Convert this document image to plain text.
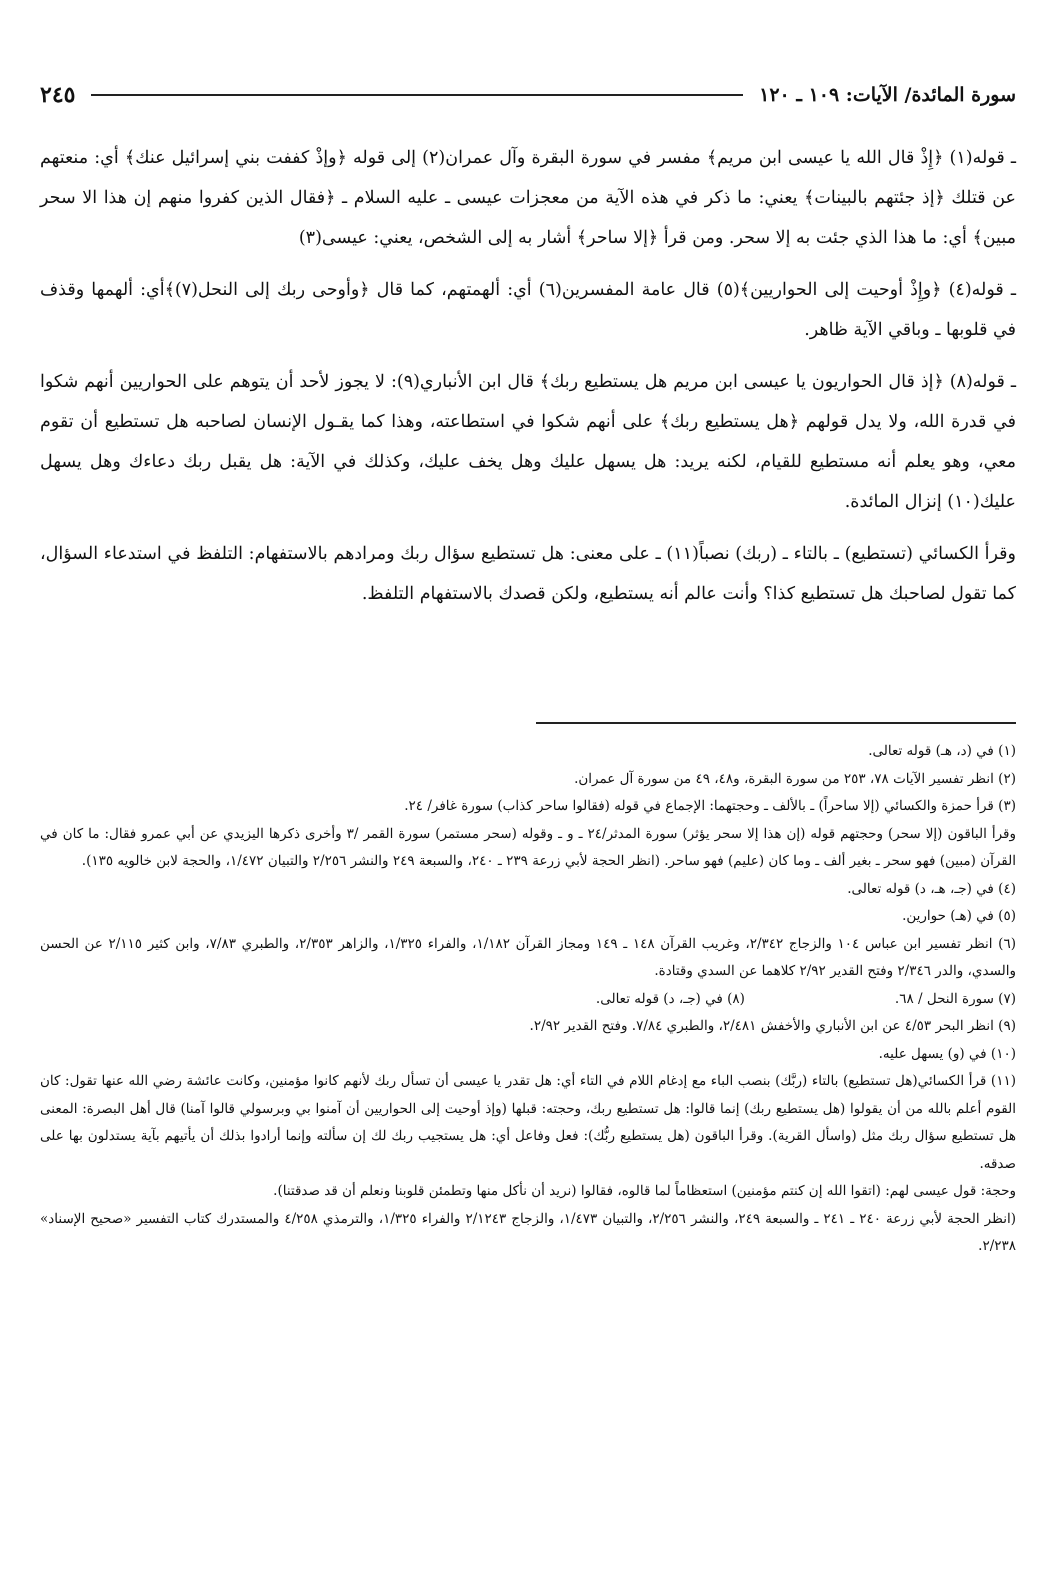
سورة المائدة/ الآيات: ١٠٩ ـ ١٢٠
٢٤٥

ـ قوله(١) ﴿إِذْ قال الله يا عيسى ابن مريم﴾ مفسر في سورة البقرة وآل عمران(٢) إلى قوله ﴿وإذْ كففت بني إسرائيل عنك﴾ أي: منعتهم عن قتلك ﴿إذ جئتهم بالبينات﴾ يعني: ما ذكر في هذه الآية من معجزات عيسى ـ عليه السلام ـ ﴿فقال الذين كفروا منهم إن هذا الا سحر مبين﴾ أي: ما هذا الذي جئت به إلا سحر. ومن قرأ ﴿إلا ساحر﴾ أشار به إلى الشخص، يعني: عيسى(٣)

ـ قوله(٤) ﴿وإِذْ أوحيت إلى الحواريين﴾(٥) قال عامة المفسرين(٦) أي: ألهمتهم، كما قال ﴿وأوحى ربك إلى النحل(٧)﴾أي: ألهمها وقذف في قلوبها ـ وباقي الآية ظاهر.

ـ قوله(٨) ﴿إذ قال الحواريون يا عيسى ابن مريم هل يستطيع ربك﴾ قال ابن الأنباري(٩): لا يجوز لأحد أن يتوهم على الحواريين أنهم شكوا في قدرة الله، ولا يدل قولهم ﴿هل يستطيع ربك﴾ على أنهم شكوا في استطاعته، وهذا كما يقـول الإنسان لصاحبه هل تستطيع أن تقوم معي، وهو يعلم أنه مستطيع للقيام، لكنه يريد: هل يسهل عليك وهل يخف عليك، وكذلك في الآية: هل يقبل ربك دعاءك وهل يسهل عليك(١٠) إنزال المائدة.

وقرأ الكسائي (تستطيع) ـ بالتاء ـ (ربك) نصباً(١١) ـ على معنى: هل تستطيع سؤال ربك ومرادهم بالاستفهام: التلفظ في استدعاء السؤال، كما تقول لصاحبك هل تستطيع كذا؟ وأنت عالم أنه يستطيع، ولكن قصدك بالاستفهام التلفظ.

(١) في (د، هـ) قوله تعالى.

(٢) انظر تفسير الآيات ٧٨، ٢٥٣ من سورة البقرة، و٤٨، ٤٩ من سورة آل عمران.

(٣) قرأ حمزة والكسائي (إلا ساحراً) ـ بالألف ـ وحجتهما: الإجماع في قوله (فقالوا ساحر كذاب) سورة غافر/ ٢٤.

وقرأ الباقون (إلا سحر) وحجتهم قوله (إن هذا إلا سحر يؤثر) سورة المدثر/٢٤ ـ و ـ وقوله (سحر مستمر) سورة القمر /٣ وأخرى ذكرها اليزيدي عن أبي عمرو فقال: ما كان في القرآن (مبين) فهو سحر ـ بغير ألف ـ وما كان (عليم) فهو ساحر. (انظر الحجة لأبي زرعة ٢٣٩ ـ ٢٤٠، والسبعة ٢٤٩ والنشر ٢/٢٥٦ والتبيان ١/٤٧٢، والحجة لابن خالويه ١٣٥).

(٤) في (جـ، هـ، د) قوله تعالى.

(٥) في (هـ) حوارين.

(٦) انظر تفسير ابن عباس ١٠٤ والزجاج ٢/٣٤٢، وغريب القرآن ١٤٨ ـ ١٤٩ ومجاز القرآن ١/١٨٢، والفراء ١/٣٢٥، والزاهر ٢/٣٥٣، والطبري ٧/٨٣، وابن كثير ٢/١١٥ عن الحسن والسدي، والدر ٢/٣٤٦ وفتح القدير ٢/٩٢ كلاهما عن السدي وقتادة.

(٧) سورة النحل / ٦٨.
(٨) في (جـ، د) قوله تعالى.

(٩) انظر البحر ٤/٥٣ عن ابن الأنباري والأخفش ٢/٤٨١، والطبري ٧/٨٤. وفتح القدير ٢/٩٢.

(١٠) في (و) يسهل عليه.

(١١) قرأ الكسائي(هل تستطيع) بالتاء (ربَّك) بنصب الباء مع إدغام اللام في التاء أي: هل تقدر يا عيسى أن تسأل ربك لأنهم كانوا مؤمنين، وكانت عائشة رضي الله عنها تقول: كان القوم أعلم بالله من أن يقولوا (هل يستطيع ربك) إنما قالوا: هل تستطيع ربك، وحجته: قبلها (وإذ أوحيت إلى الحواريين أن آمنوا بي وبرسولي قالوا آمنا) قال أهل البصرة: المعنى هل تستطيع سؤال ربك مثل (واسأل القرية). وقرأ الباقون (هل يستطيع ربُّك): فعل وفاعل أي: هل يستجيب ربك لك إن سألته وإنما أرادوا بذلك أن يأتيهم بآية يستدلون بها على صدقه.

وحجة: قول عيسى لهم: (اتقوا الله إن كنتم مؤمنين) استعظاماً لما قالوه، فقالوا (نريد أن نأكل منها وتطمئن قلوبنا ونعلم أن قد صدقتنا).

(انظر الحجة لأبي زرعة ٢٤٠ ـ ٢٤١ ـ والسبعة ٢٤٩، والنشر ٢/٢٥٦، والتبيان ١/٤٧٣، والزجاج ٢/١٢٤٣ والفراء ١/٣٢٥، والترمذي ٤/٢٥٨ والمستدرك كتاب التفسير «صحيح الإسناد» ٢/٢٣٨.
